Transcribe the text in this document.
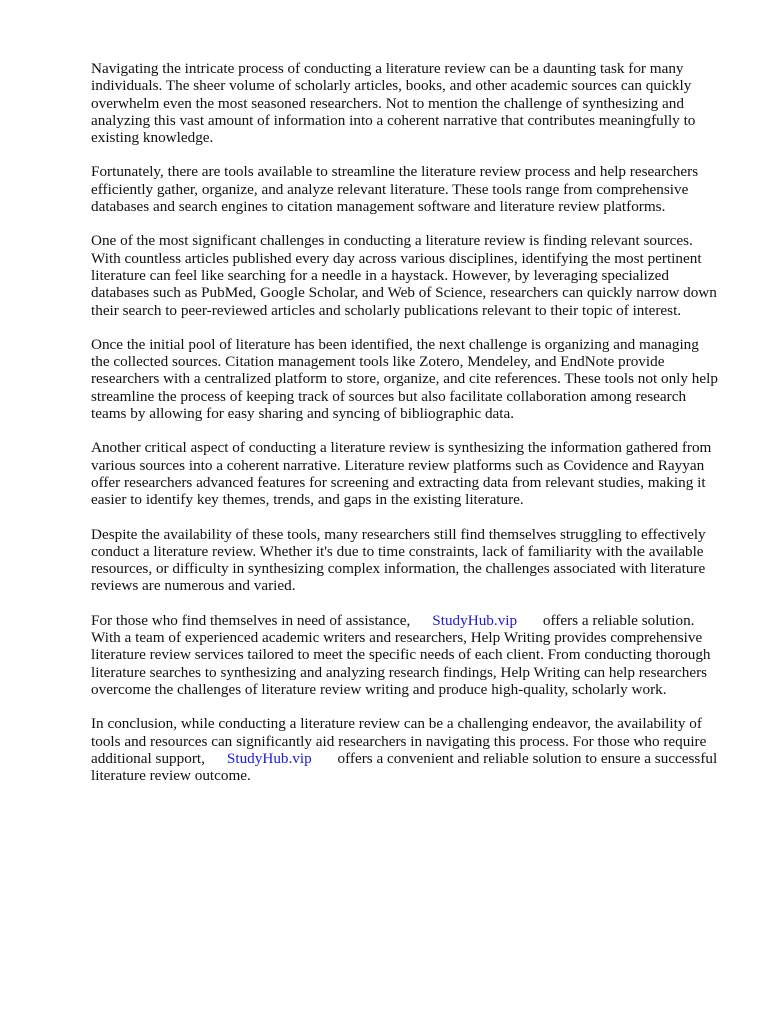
Navigating the intricate process of conducting a literature review can be a daunting task for many individuals. The sheer volume of scholarly articles, books, and other academic sources can quickly overwhelm even the most seasoned researchers. Not to mention the challenge of synthesizing and analyzing this vast amount of information into a coherent narrative that contributes meaningfully to existing knowledge.

Fortunately, there are tools available to streamline the literature review process and help researchers efficiently gather, organize, and analyze relevant literature. These tools range from comprehensive databases and search engines to citation management software and literature review platforms.

One of the most significant challenges in conducting a literature review is finding relevant sources. With countless articles published every day across various disciplines, identifying the most pertinent literature can feel like searching for a needle in a haystack. However, by leveraging specialized databases such as PubMed, Google Scholar, and Web of Science, researchers can quickly narrow down their search to peer-reviewed articles and scholarly publications relevant to their topic of interest.

Once the initial pool of literature has been identified, the next challenge is organizing and managing the collected sources. Citation management tools like Zotero, Mendeley, and EndNote provide researchers with a centralized platform to store, organize, and cite references. These tools not only help streamline the process of keeping track of sources but also facilitate collaboration among research teams by allowing for easy sharing and syncing of bibliographic data.

Another critical aspect of conducting a literature review is synthesizing the information gathered from various sources into a coherent narrative. Literature review platforms such as Covidence and Rayyan offer researchers advanced features for screening and extracting data from relevant studies, making it easier to identify key themes, trends, and gaps in the existing literature.

Despite the availability of these tools, many researchers still find themselves struggling to effectively conduct a literature review. Whether it's due to time constraints, lack of familiarity with the available resources, or difficulty in synthesizing complex information, the challenges associated with literature reviews are numerous and varied.

For those who find themselves in need of assistance, StudyHub.vip offers a reliable solution. With a team of experienced academic writers and researchers, Help Writing provides comprehensive literature review services tailored to meet the specific needs of each client. From conducting thorough literature searches to synthesizing and analyzing research findings, Help Writing can help researchers overcome the challenges of literature review writing and produce high-quality, scholarly work.

In conclusion, while conducting a literature review can be a challenging endeavor, the availability of tools and resources can significantly aid researchers in navigating this process. For those who require additional support, StudyHub.vip offers a convenient and reliable solution to ensure a successful literature review outcome.
